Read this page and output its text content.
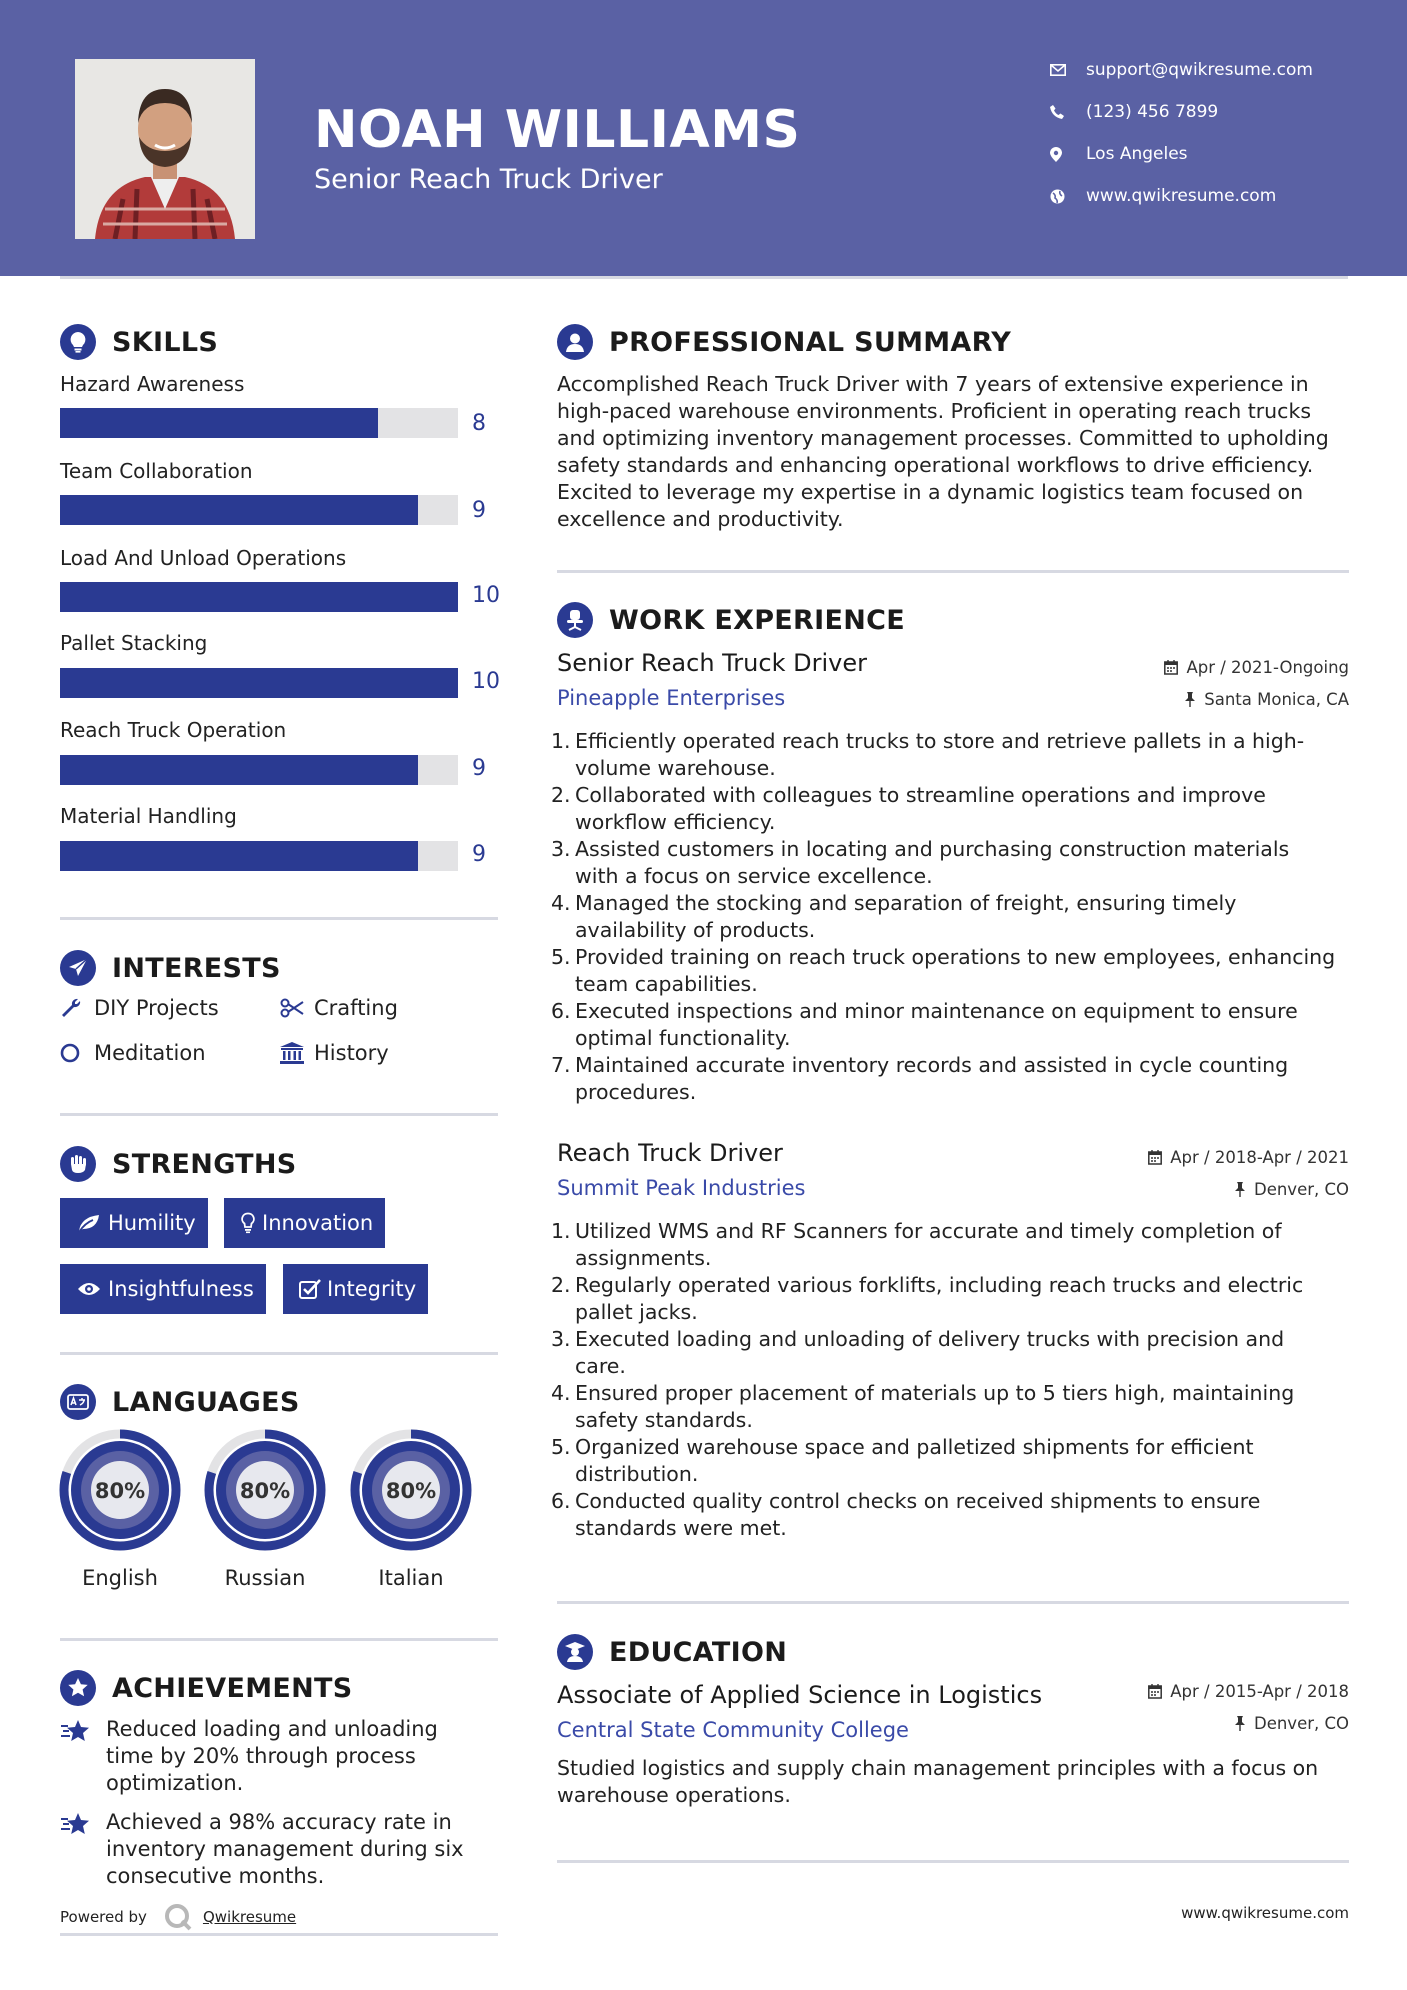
NOAH WILLIAMS
Senior Reach Truck Driver
support@qwikresume.com
(123) 456 7899
Los Angeles
www.qwikresume.com
SKILLS
Hazard Awareness
8
Team Collaboration
9
Load And Unload Operations
10
Pallet Stacking
10
Reach Truck Operation
9
Material Handling
9
INTERESTS
DIY Projects	Crafting
Meditation	History
STRENGTHS
Humility	Innovation
Insightfulness	Integrity
LANGUAGES
80%	80%	80%
English	Russian	Italian
ACHIEVEMENTS
Reduced loading and unloading time by 20% through process optimization.
Achieved a 98% accuracy rate in inventory management during six consecutive months.
PROFESSIONAL SUMMARY
Accomplished Reach Truck Driver with 7 years of extensive experience in high-paced warehouse environments. Proficient in operating reach trucks and optimizing inventory management processes. Committed to upholding safety standards and enhancing operational workflows to drive efficiency. Excited to leverage my expertise in a dynamic logistics team focused on excellence and productivity.
WORK EXPERIENCE
Senior Reach Truck Driver	Apr / 2021-Ongoing
Pineapple Enterprises	Santa Monica, CA
1. Efficiently operated reach trucks to store and retrieve pallets in a high-volume warehouse.
2. Collaborated with colleagues to streamline operations and improve workflow efficiency.
3. Assisted customers in locating and purchasing construction materials with a focus on service excellence.
4. Managed the stocking and separation of freight, ensuring timely availability of products.
5. Provided training on reach truck operations to new employees, enhancing team capabilities.
6. Executed inspections and minor maintenance on equipment to ensure optimal functionality.
7. Maintained accurate inventory records and assisted in cycle counting procedures.
Reach Truck Driver	Apr / 2018-Apr / 2021
Summit Peak Industries	Denver, CO
1. Utilized WMS and RF Scanners for accurate and timely completion of assignments.
2. Regularly operated various forklifts, including reach trucks and electric pallet jacks.
3. Executed loading and unloading of delivery trucks with precision and care.
4. Ensured proper placement of materials up to 5 tiers high, maintaining safety standards.
5. Organized warehouse space and palletized shipments for efficient distribution.
6. Conducted quality control checks on received shipments to ensure standards were met.
EDUCATION
Associate of Applied Science in Logistics	Apr / 2015-Apr / 2018
Central State Community College	Denver, CO
Studied logistics and supply chain management principles with a focus on warehouse operations.
Powered by	Qwikresume	www.qwikresume.com
